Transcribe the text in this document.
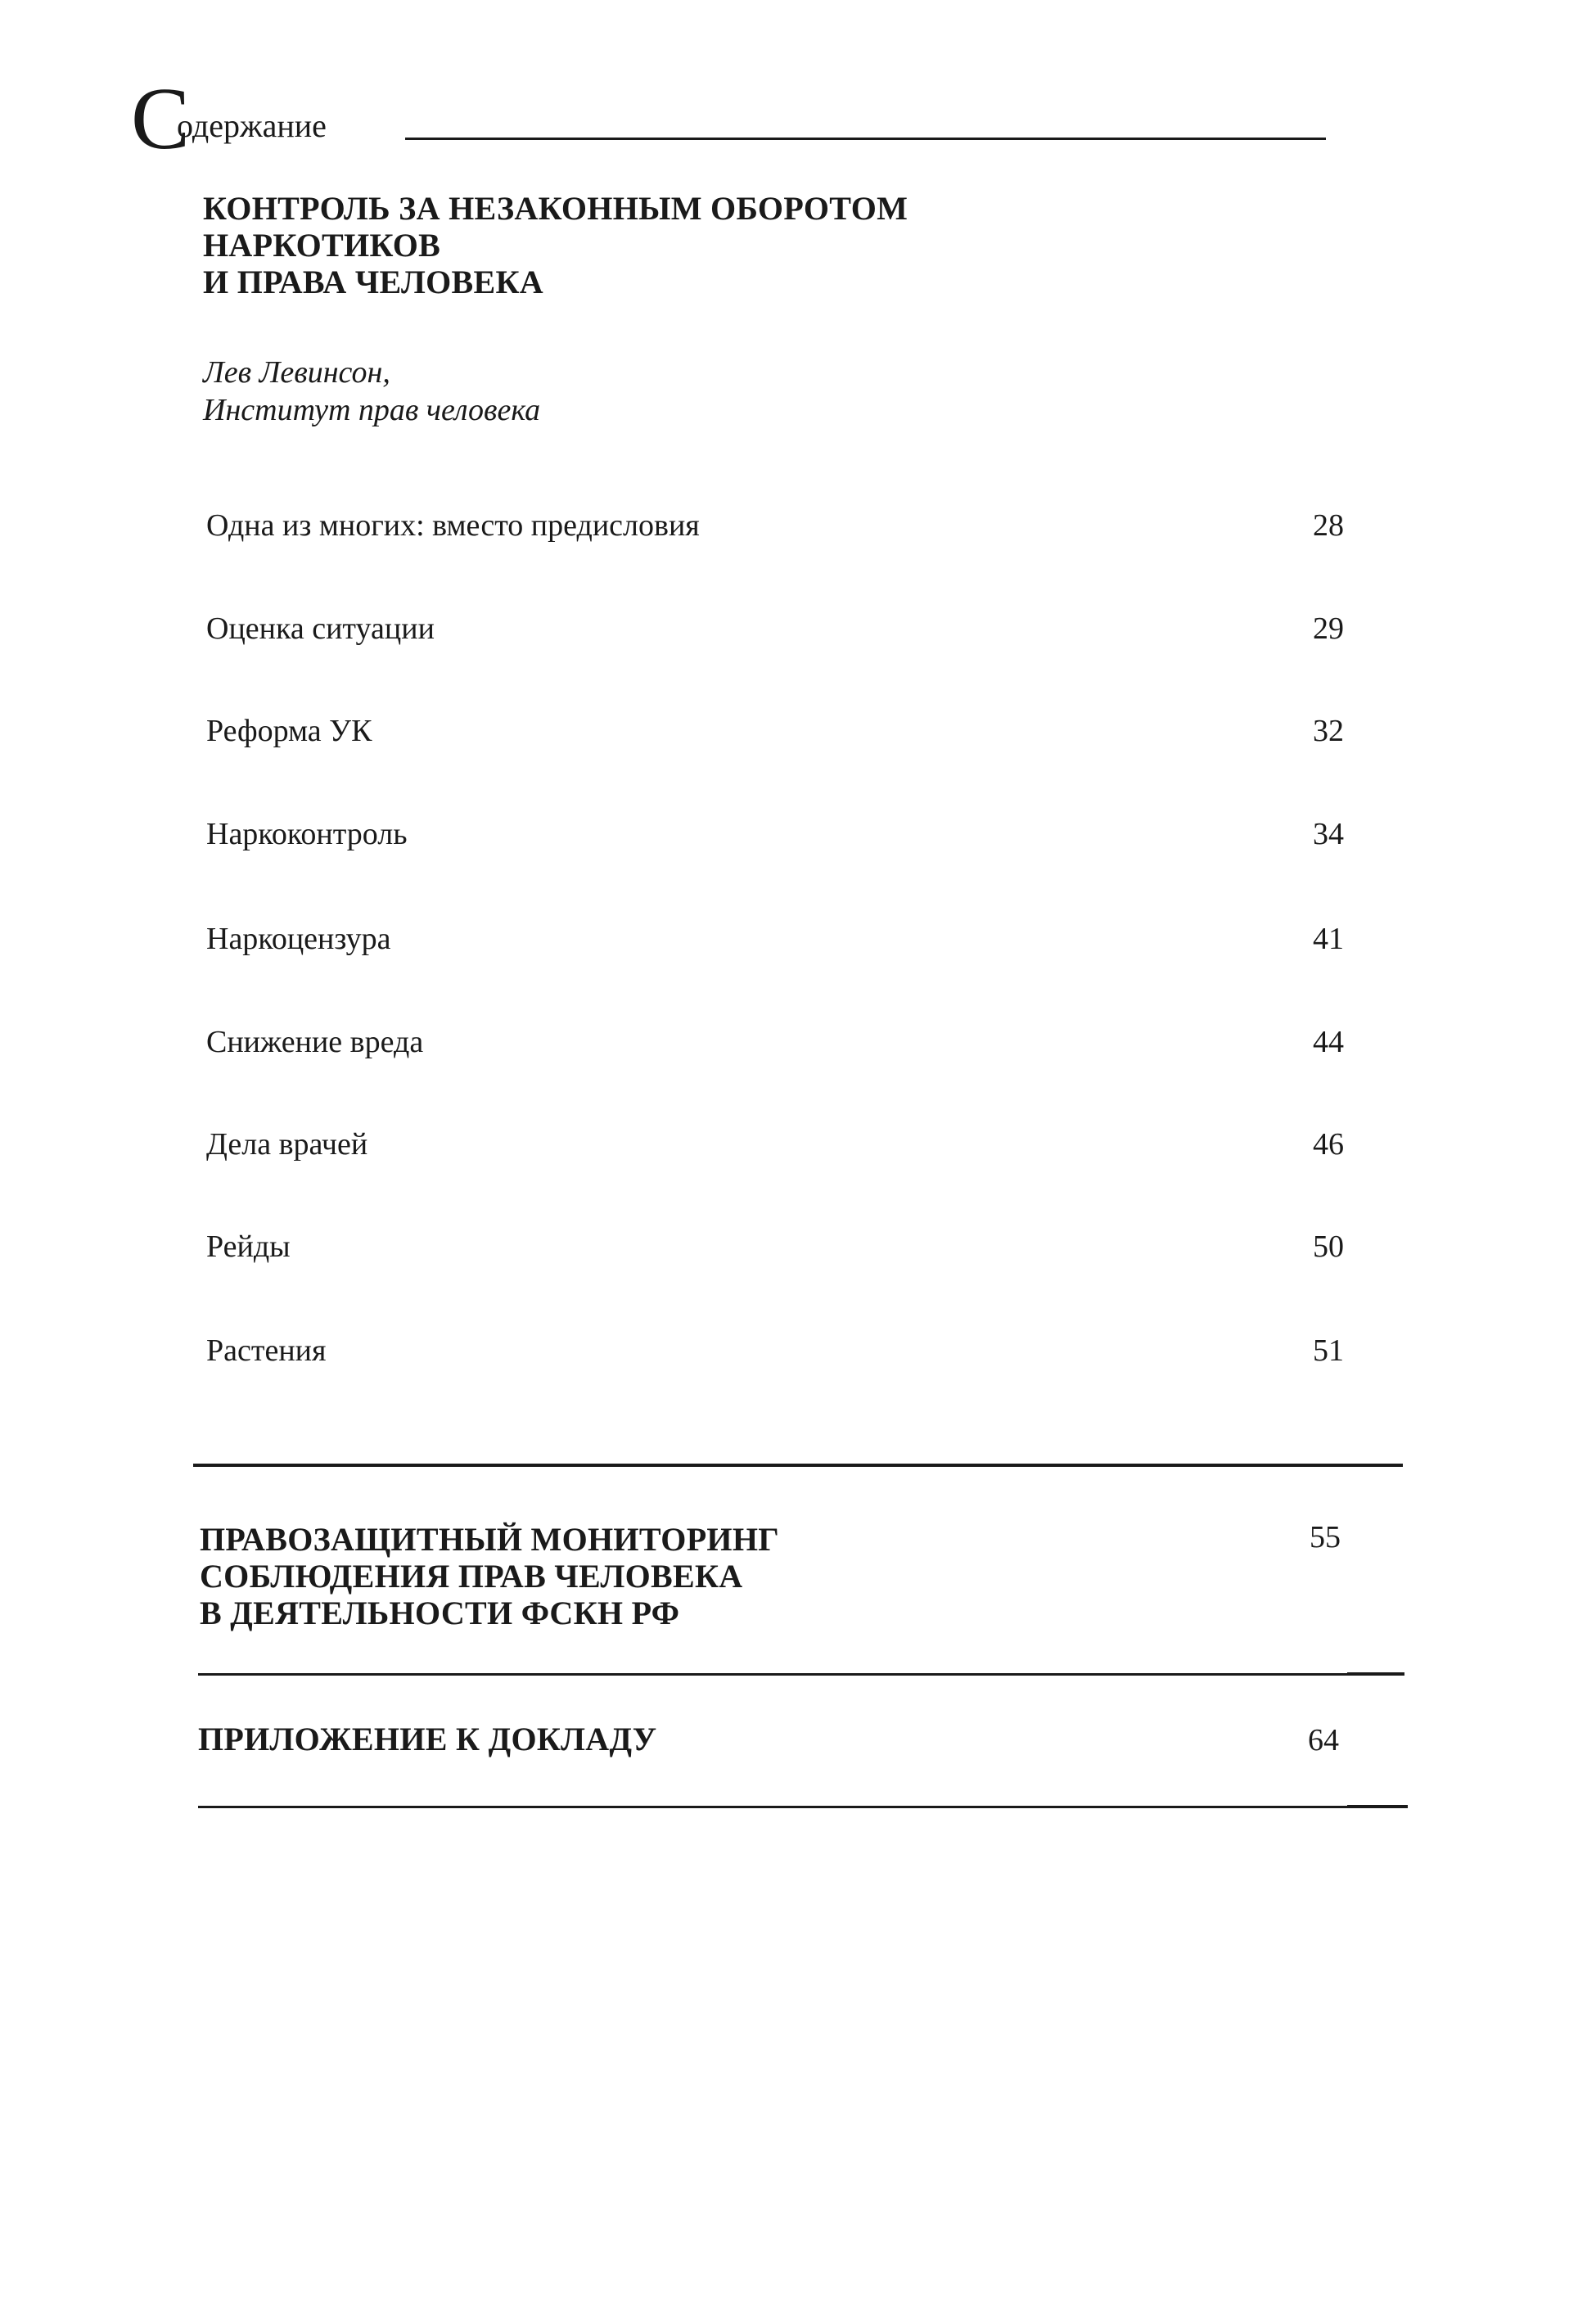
С
одержание
КОНТРОЛЬ ЗА НЕЗАКОННЫМ ОБОРОТОМ
НАРКОТИКОВ
И ПРАВА ЧЕЛОВЕКА
Лев Левинсон,
Институт прав человека
Одна из многих: вместо предисловия	28
Оценка ситуации	29
Реформа УК	32
Наркоконтроль	34
Наркоцензура	41
Снижение вреда	44
Дела врачей	46
Рейды	50
Растения	51
ПРАВОЗАЩИТНЫЙ МОНИТОРИНГ
СОБЛЮДЕНИЯ ПРАВ ЧЕЛОВЕКА
В ДЕЯТЕЛЬНОСТИ ФСКН РФ
55
ПРИЛОЖЕНИЕ К ДОКЛАДУ	64
